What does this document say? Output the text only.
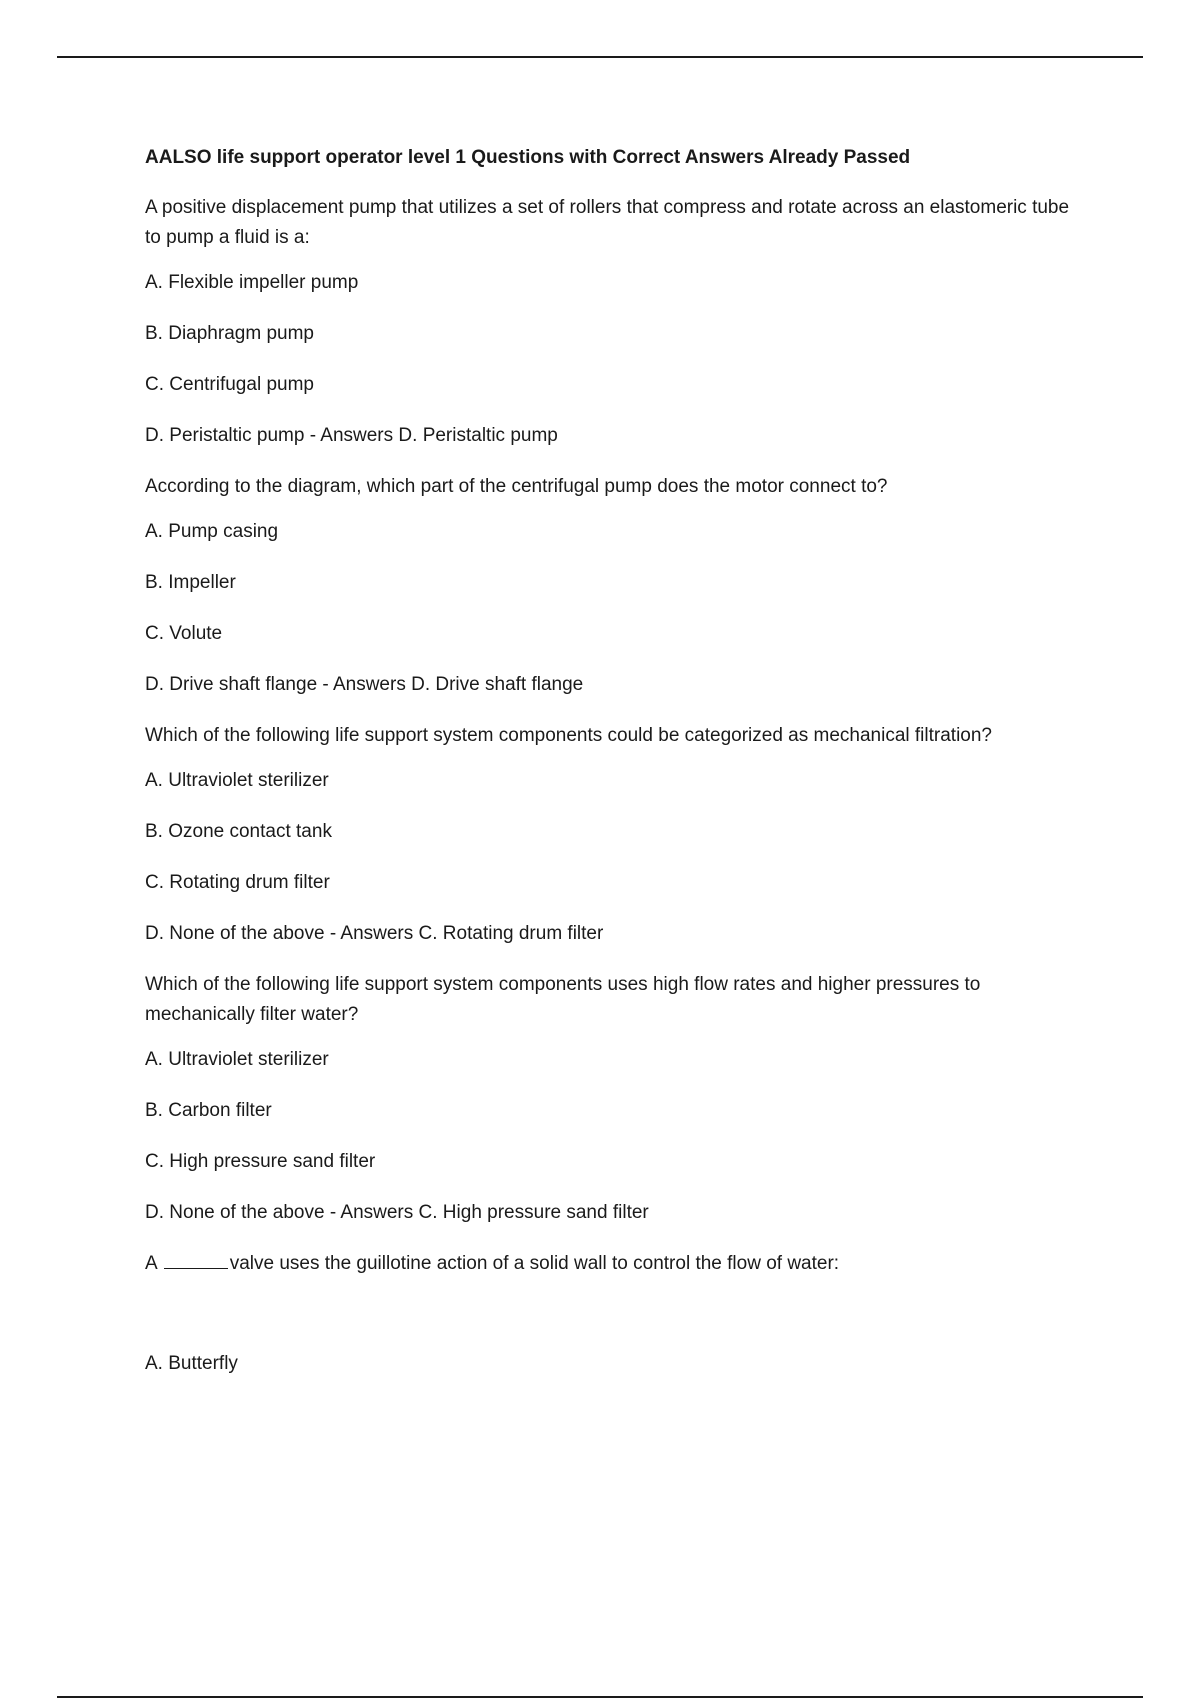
AALSO life support operator level 1 Questions with Correct Answers Already Passed

A positive displacement pump that utilizes a set of rollers that compress and rotate across an elastomeric tube to pump a fluid is a:

A. Flexible impeller pump

B. Diaphragm pump

C. Centrifugal pump

D. Peristaltic pump - Answers D. Peristaltic pump

According to the diagram, which part of the centrifugal pump does the motor connect to?

A. Pump casing

B. Impeller

C. Volute

D. Drive shaft flange - Answers D. Drive shaft flange

Which of the following life support system components could be categorized as mechanical filtration?

A. Ultraviolet sterilizer

B. Ozone contact tank

C. Rotating drum filter

D. None of the above - Answers C. Rotating drum filter

Which of the following life support system components uses high flow rates and higher pressures to mechanically filter water?

A. Ultraviolet sterilizer

B. Carbon filter

C. High pressure sand filter

D. None of the above - Answers C. High pressure sand filter

A	valve uses the guillotine action of a solid wall to control the flow of water:

A. Butterfly
